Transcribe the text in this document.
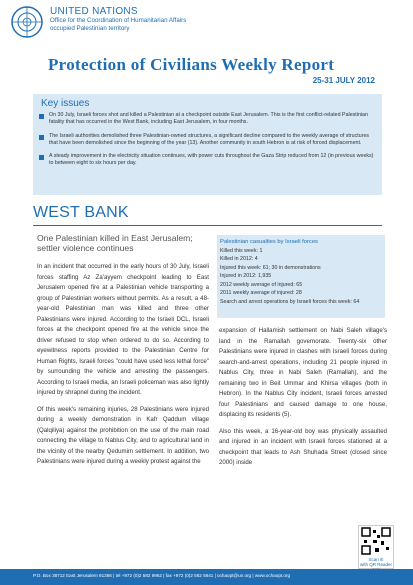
UNITED NATIONS
Office for the Coordination of Humanitarian Affairs
occupied Palestinian territory
Protection of Civilians Weekly Report
25-31 JULY 2012
Key issues
On 30 July, Israeli forces shot and killed a Palestinian at a checkpoint outside East Jerusalem. This is the first conflict-related Palestinian fatality that has occurred in the West Bank, including East Jerusalem, in four months.
The Israeli authorities demolished three Palestinian-owned structures, a significant decline compared to the weekly average of structures that have been demolished since the beginning of the year (13). Another community in south Hebron is at risk of forced displacement.
A steady improvement in the electricity situation continues, with power cuts throughout the Gaza Strip reduced from 12 (in previous weeks) to between eight to six hours per day.
WEST BANK
One Palestinian killed in East Jerusalem; settler violence continues

In an incident that occurred in the early hours of 30 July, Israeli forces staffing Az Za'ayyem checkpoint leading to East Jerusalem opened fire at a Palestinian vehicle transporting a group of Palestinian workers without permits. As a result, a 48-year-old Palestinian man was killed and three other Palestinians were injured. According to the Israeli DCL, Israeli forces at the checkpoint opened fire at the vehicle since the driver refused to stop when ordered to do so. According to eyewitness reports provided to the Palestinian Centre for Human Rights, Israeli forces "could have used less lethal force" by surrounding the vehicle and arresting the passengers. According to Israeli media, an Israeli policeman was also lightly injured by shrapnel during the incident.

Of this week's remaining injuries, 28 Palestinians were injured during a weekly demonstration in Kafr Qaddum village (Qalqiliya) against the prohibition on the use of the main road connecting the village to Nablus City, and to agricultural land in the vicinity of the nearby Qedumim settlement. In addition, two Palestinians were injured during a weekly protest against the

Palestinian casualties by Israeli forces
Killed this week: 1
Killed in 2012: 4
Injured this week: 61; 30 in demonstrations
Injured in 2012: 1,935
2012 weekly average of injured: 65
2011 weekly average of injured: 28
Search and arrest operations by Israeli forces this week: 64

expansion of Hallamish settlement on Nabi Saleh village's land in the Ramallah governorate. Twenty-six other Palestinians were injured in clashes with Israeli forces during search-and-arrest operations, including 21 people injured in Nablus City, three in Nabi Saleh (Ramallah), and the remaining two in Beit Ummar and Khirsa villages (both in Hebron). In the Nablus City incident, Israeli forces arrested four Palestinians and caused damage to one house, displacing its residents (5).

Also this week, a 16-year-old boy was physically assaulted and injured in an incident with Israeli forces stationed at a checkpoint that leads to Ash Shuhada Street (closed since 2000) inside

Scan it!
with QR Reader
P.O. Box 38712 East Jerusalem 91386 | tel +972 (0)2 582 9962 | fax +972 (0)2 582 5841 | ochaopt@un.org | www.ochaopt.org
